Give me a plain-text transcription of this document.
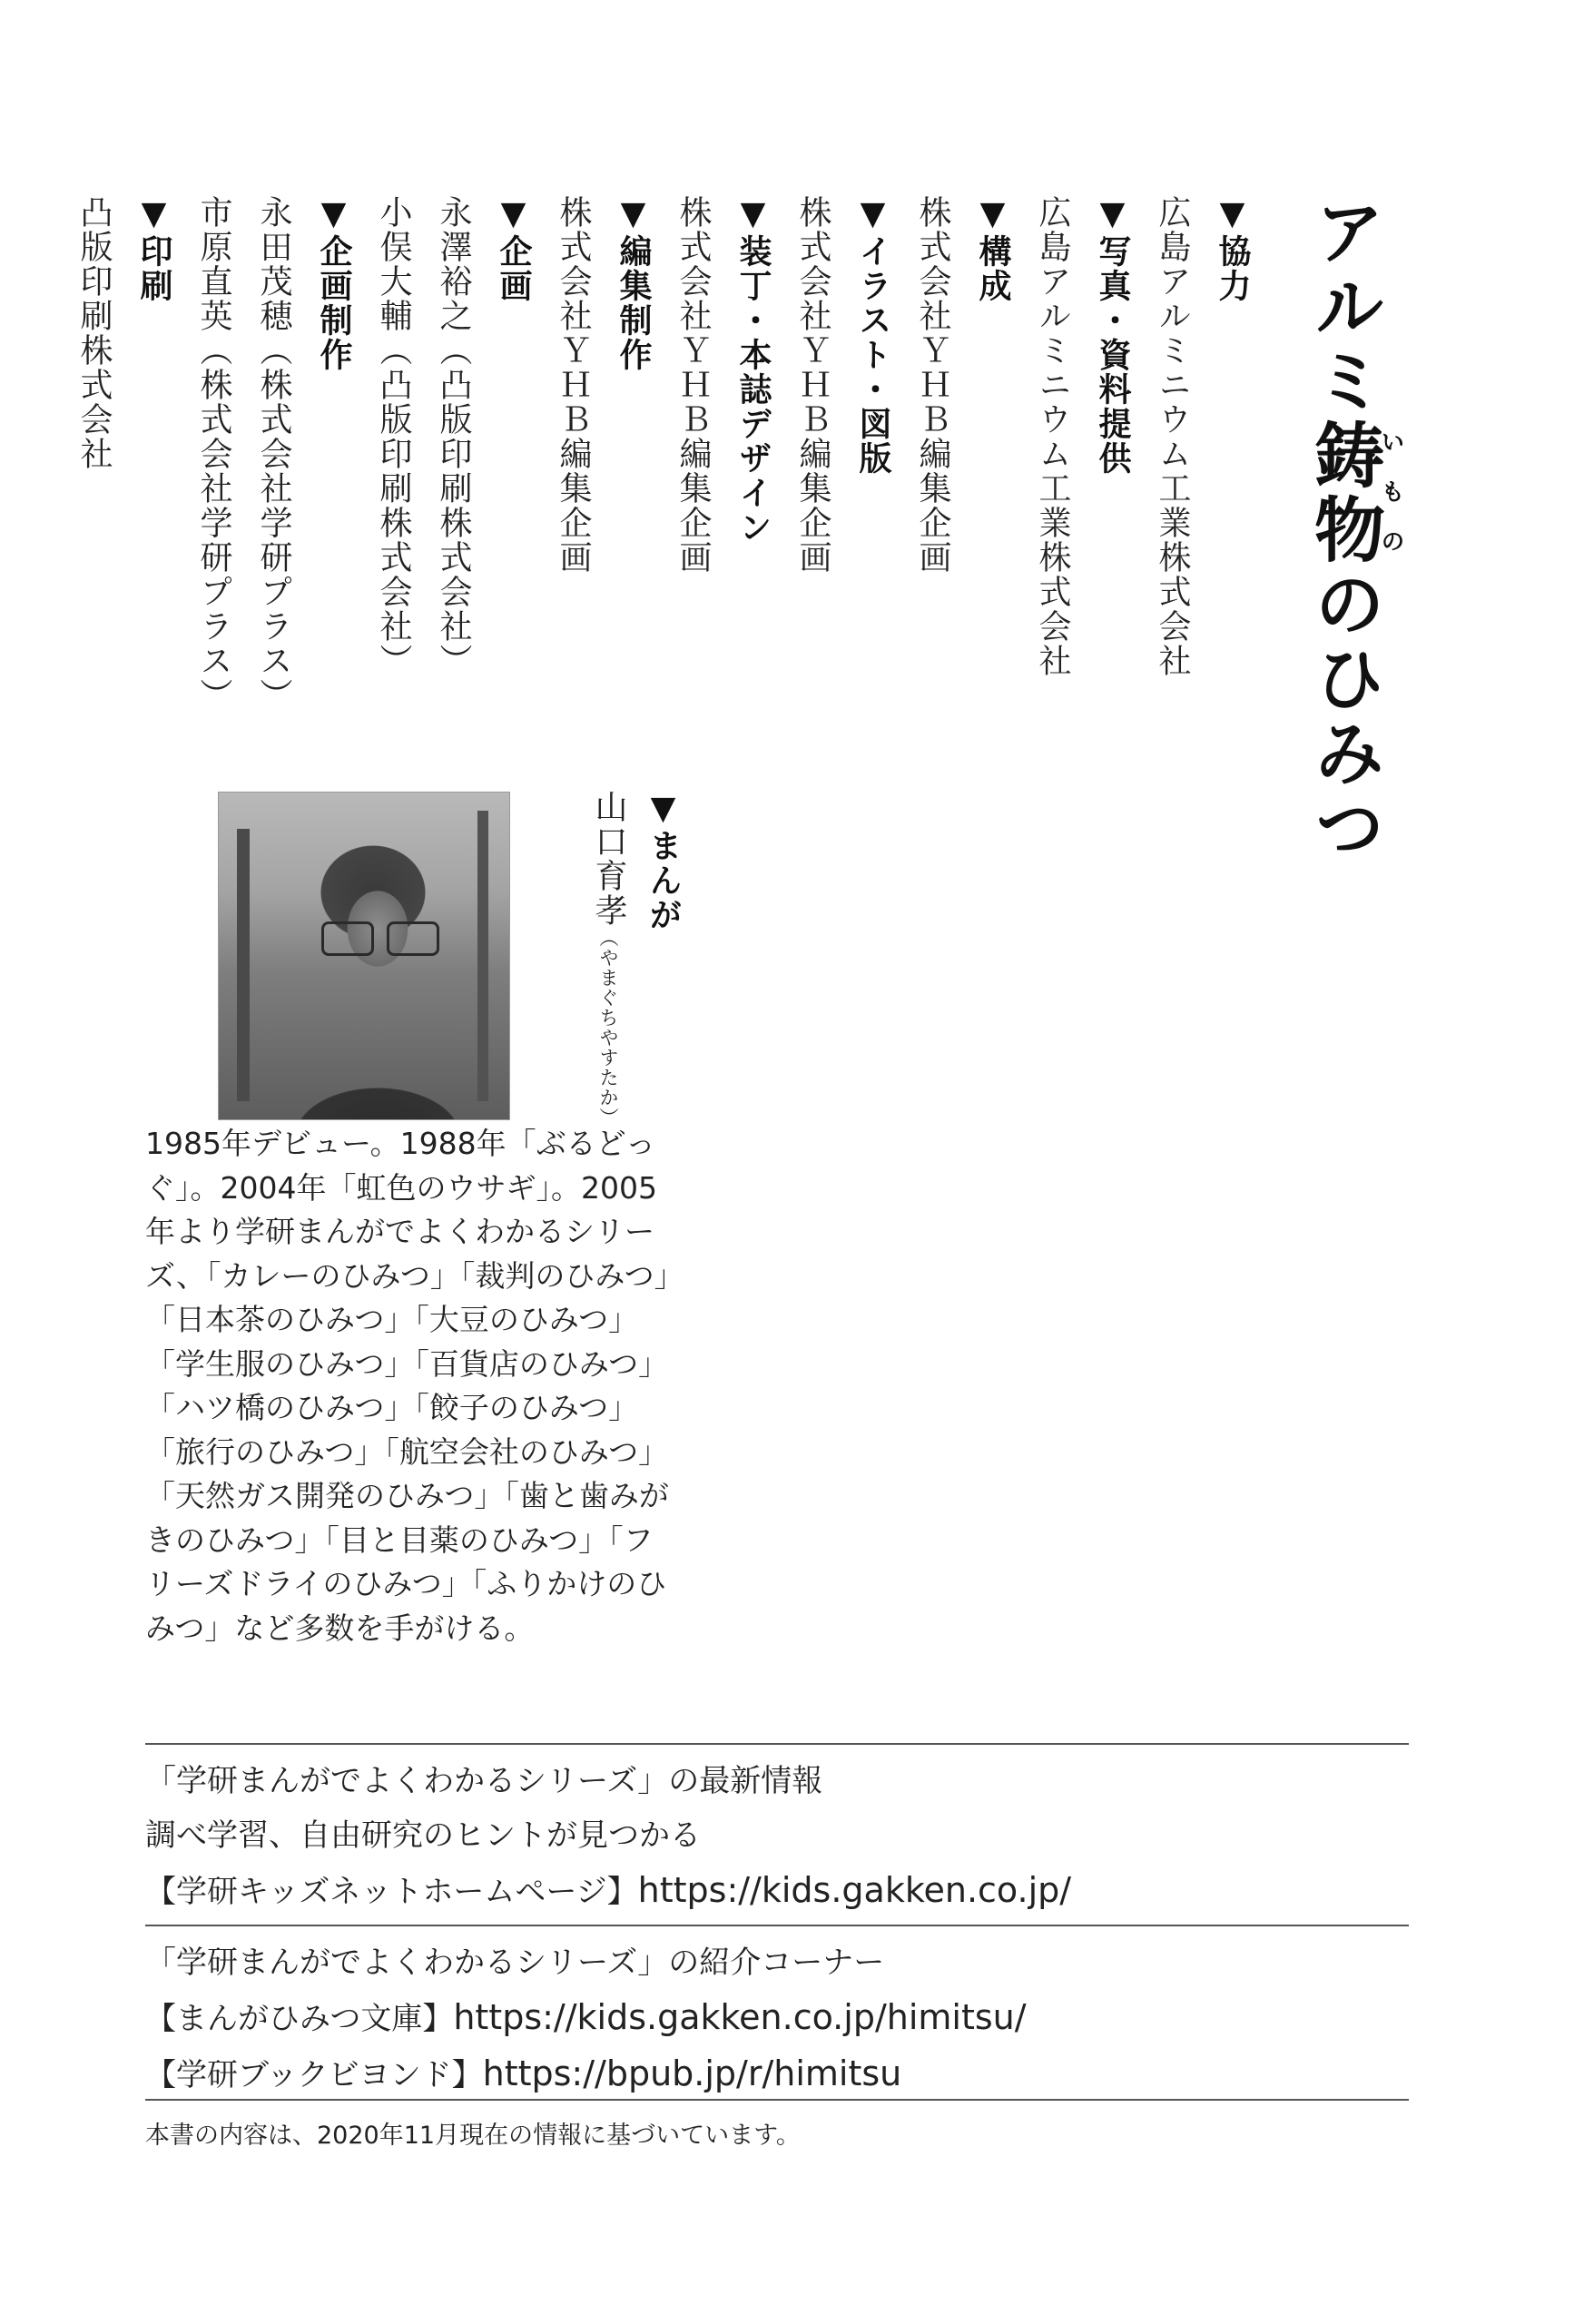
アルミ鋳物いもののひみつ
▼協力
広島アルミニウム工業株式会社
▼写真・資料提供
広島アルミニウム工業株式会社
▼構成
株式会社ＹＨＢ編集企画
▼イラスト・図版
株式会社ＹＨＢ編集企画
▼装丁・本誌デザイン
株式会社ＹＨＢ編集企画
▼編集制作
株式会社ＹＨＢ編集企画
▼企画
永澤裕之（凸版印刷株式会社）
小俣大輔（凸版印刷株式会社）
▼企画制作
永田茂穂（株式会社学研プラス）
市原直英（株式会社学研プラス）
▼印刷
凸版印刷株式会社
▼まんが
山口育孝（やまぐちやすたか）
1985年デビュー。1988年「ぶるどっぐ」。2004年「虹色のウサギ」。2005年より学研まんがでよくわかるシリーズ、「カレーのひみつ」「裁判のひみつ」「日本茶のひみつ」「大豆のひみつ」「学生服のひみつ」「百貨店のひみつ」「ハツ橋のひみつ」「餃子のひみつ」「旅行のひみつ」「航空会社のひみつ」「天然ガス開発のひみつ」「歯と歯みがきのひみつ」「目と目薬のひみつ」「フリーズドライのひみつ」「ふりかけのひみつ」など多数を手がける。
「学研まんがでよくわかるシリーズ」の最新情報
調べ学習、自由研究のヒントが見つかる
【学研キッズネットホームページ】https://kids.gakken.co.jp/
「学研まんがでよくわかるシリーズ」の紹介コーナー
【まんがひみつ文庫】https://kids.gakken.co.jp/himitsu/
【学研ブックビヨンド】https://bpub.jp/r/himitsu
本書の内容は、2020年11月現在の情報に基づいています。
